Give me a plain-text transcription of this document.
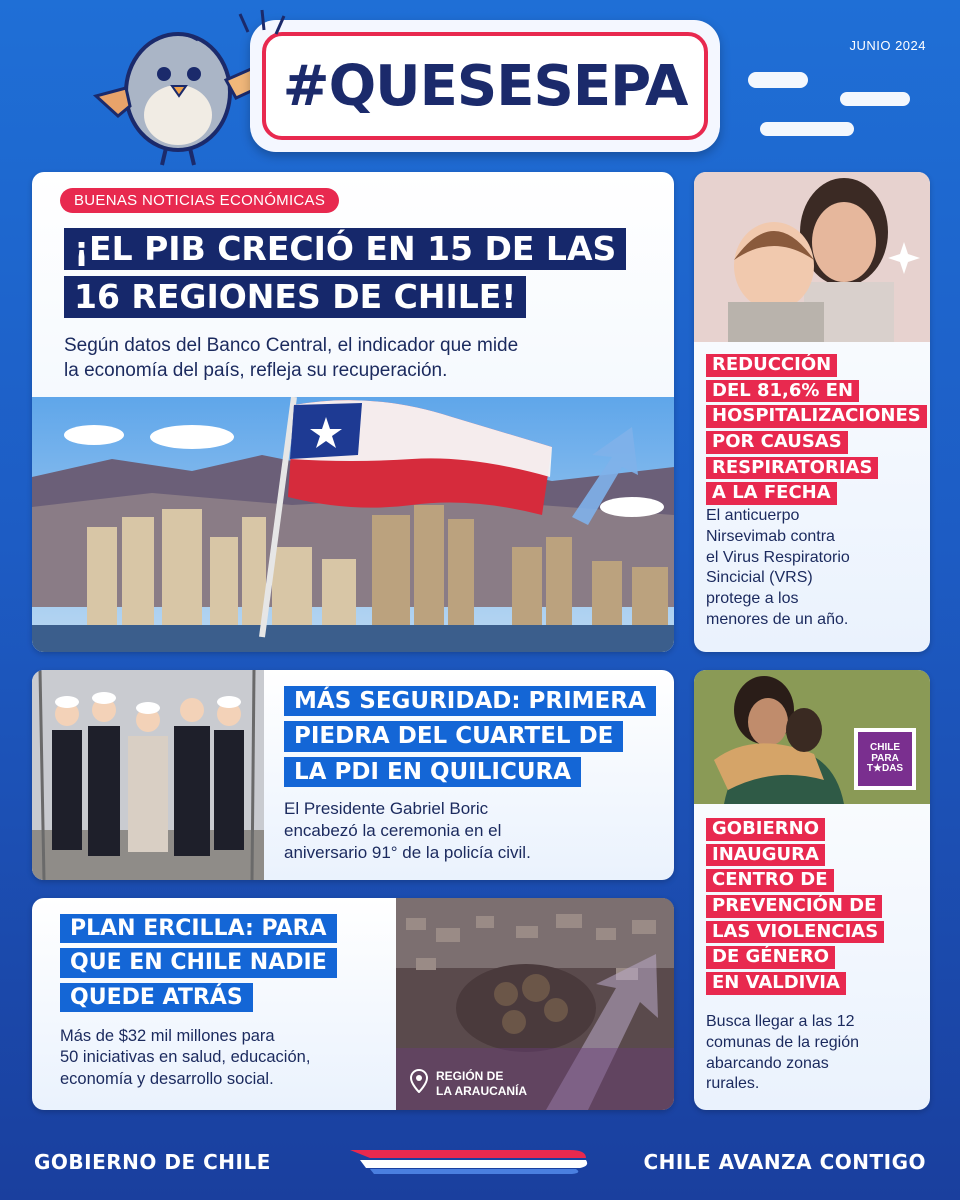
JUNIO 2024
#QUESESEPA
BUENAS NOTICIAS ECONÓMICAS
¡EL PIB CRECIÓ EN 15 DE LAS
16 REGIONES DE CHILE!
Según datos del Banco Central, el indicador que mide
la economía del país, refleja su recuperación.	REDUCCIÓN
DEL 81,6% EN
HOSPITALIZACIONES
POR CAUSAS
RESPIRATORIAS
A LA FECHA
El anticuerpo
Nirsevimab contra
el Virus Respiratorio
Sincicial (VRS)
protege a los
menores de un año.
MÁS SEGURIDAD: PRIMERA
PIEDRA DEL CUARTEL DE
LA PDI EN QUILICURA
El Presidente Gabriel Boric
encabezó la ceremonia en el
aniversario 91° de la policía civil.
CHILE
PARA
T★DAS
GOBIERNO
INAUGURA
CENTRO DE
PREVENCIÓN DE
LAS VIOLENCIAS
DE GÉNERO
EN VALDIVIA
Busca llegar a las 12
comunas de la región
abarcando zonas
rurales.
PLAN ERCILLA: PARA
QUE EN CHILE NADIE
QUEDE ATRÁS
Más de $32 mil millones para
50 iniciativas en salud, educación,
economía y desarrollo social.	REGIÓN DE
LA ARAUCANÍA
GOBIERNO DE CHILE	CHILE AVANZA CONTIGO
